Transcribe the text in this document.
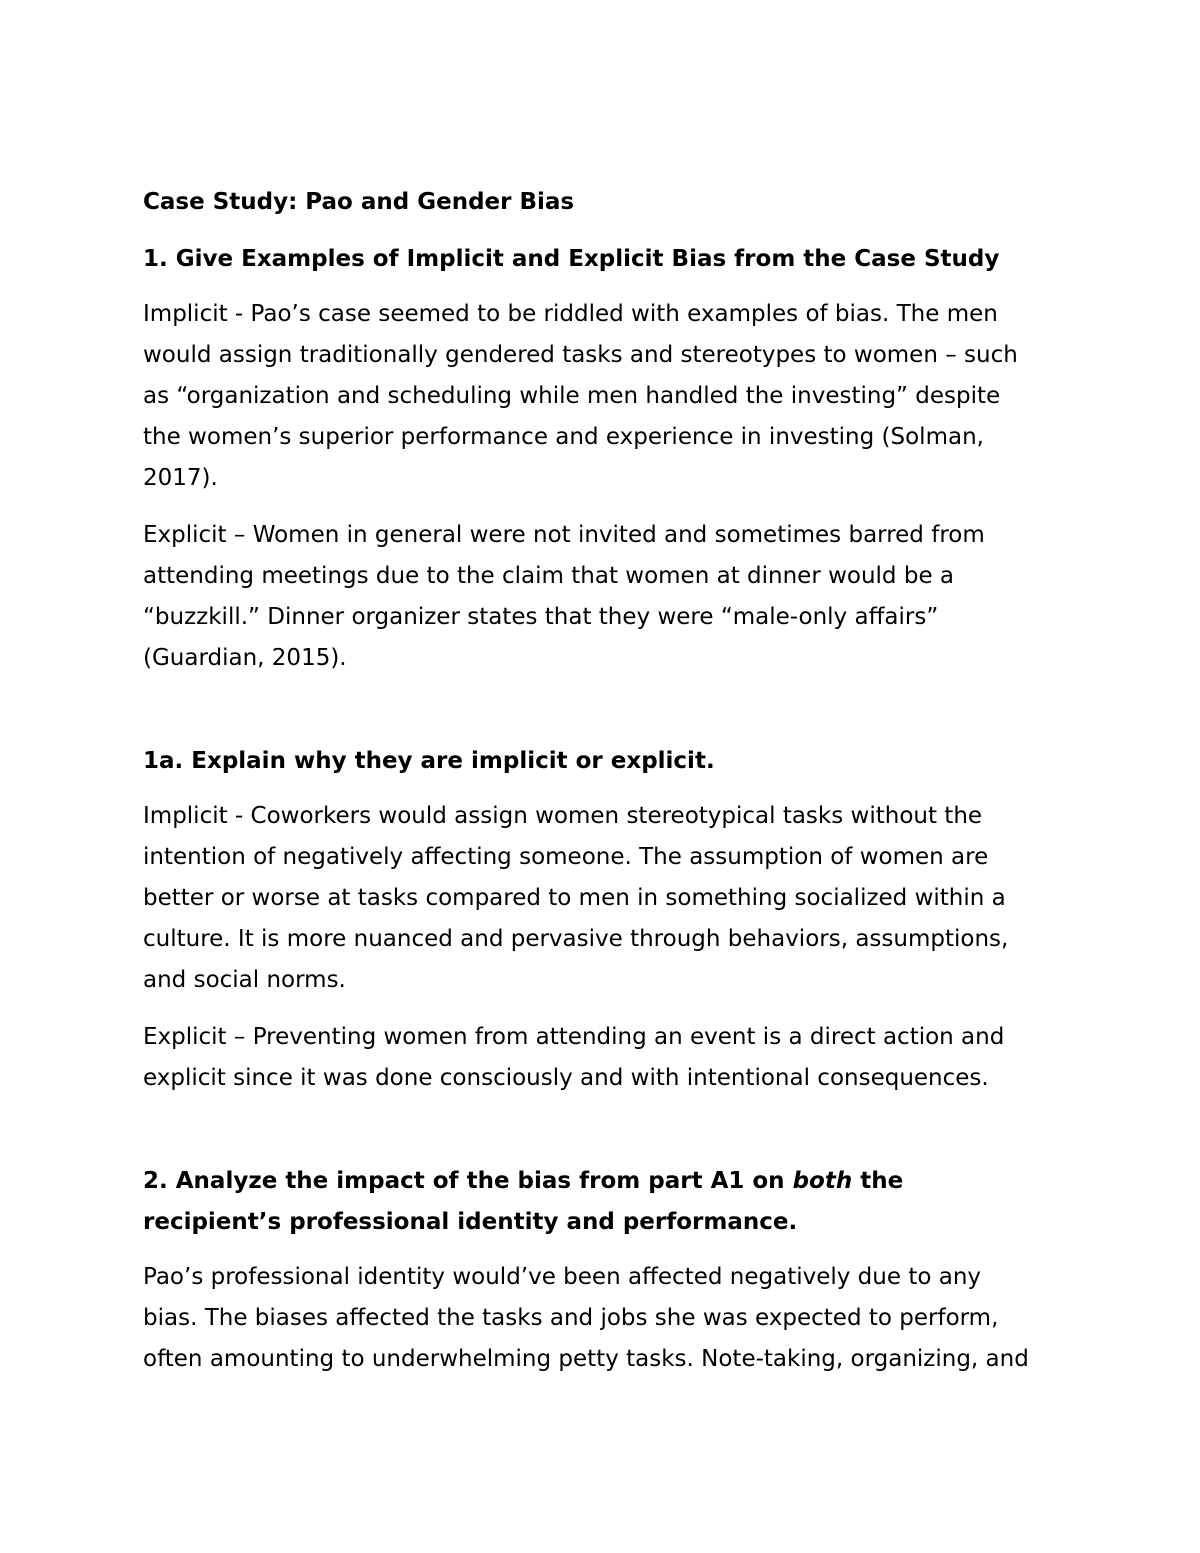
Case Study: Pao and Gender Bias

1. Give Examples of Implicit and Explicit Bias from the Case Study

Implicit - Pao’s case seemed to be riddled with examples of bias. The men
would assign traditionally gendered tasks and stereotypes to women – such
as “organization and scheduling while men handled the investing” despite
the women’s superior performance and experience in investing (Solman,
2017).
Explicit – Women in general were not invited and sometimes barred from
attending meetings due to the claim that women at dinner would be a
“buzzkill.” Dinner organizer states that they were “male-only affairs”
(Guardian, 2015).

1a. Explain why they are implicit or explicit.

Implicit - Coworkers would assign women stereotypical tasks without the
intention of negatively affecting someone. The assumption of women are
better or worse at tasks compared to men in something socialized within a
culture. It is more nuanced and pervasive through behaviors, assumptions,
and social norms.
Explicit – Preventing women from attending an event is a direct action and
explicit since it was done consciously and with intentional consequences.
2. Analyze the impact of the bias from part A1 on both the
recipient’s professional identity and performance.
Pao’s professional identity would’ve been affected negatively due to any
bias. The biases affected the tasks and jobs she was expected to perform,
often amounting to underwhelming petty tasks. Note-taking, organizing, and
